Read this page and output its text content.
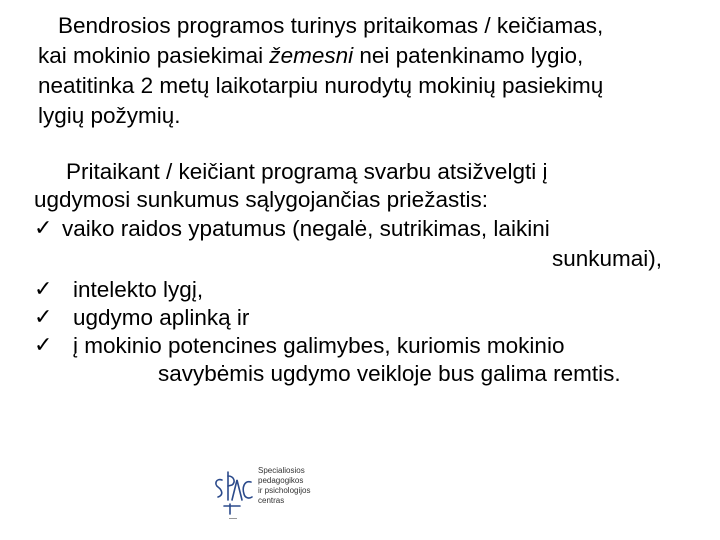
Bendrosios programos turinys pritaikomas / keičiamas,
kai mokinio pasiekimai žemesni nei patenkinamo lygio,
neatitinka 2 metų laikotarpiu nurodytų mokinių pasiekimų
lygių požymių.
Pritaikant / keičiant programą svarbu atsižvelgti į
ugdymosi sunkumus sąlygojančias priežastis:
✓ vaiko raidos ypatumus (negalė, sutrikimas, laikini
sunkumai),
✓ intelekto lygį,
✓ ugdymo aplinką ir
✓ į mokinio potencines galimybes, kuriomis mokinio
savybėmis ugdymo veikloje bus galima remtis.
Specialiosios
pedagogikos
ir psichologijos
centras
